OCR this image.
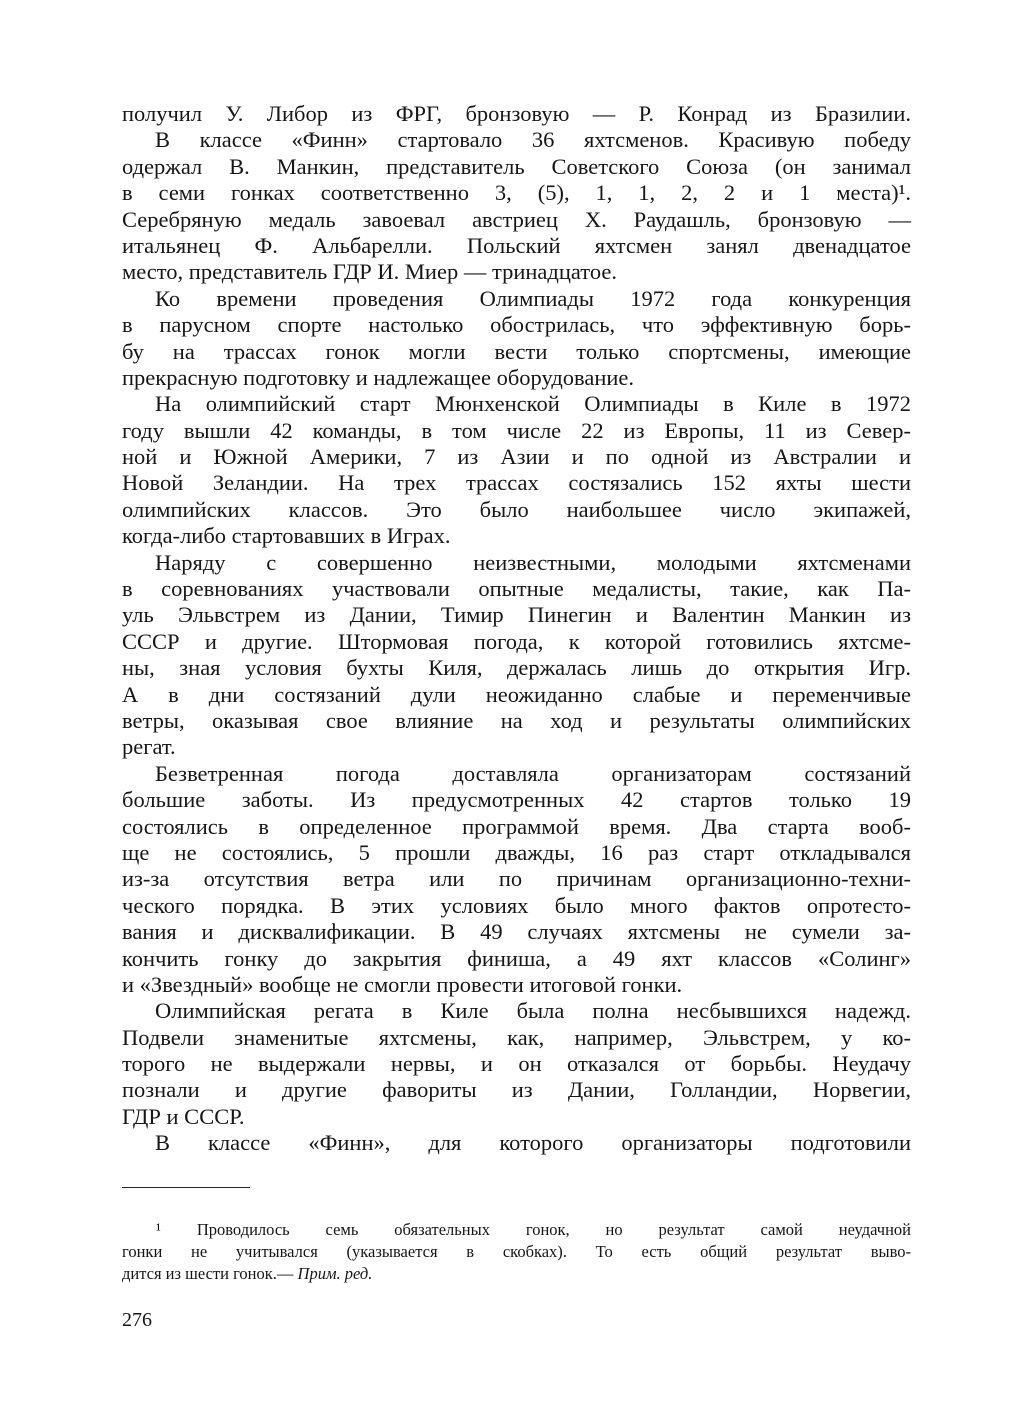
получил У. Либор из ФРГ, бронзовую — Р. Конрад из Бразилии.
В классе «Финн» стартовало 36 яхтсменов. Красивую победу
одержал В. Манкин, представитель Советского Союза (он занимал
в семи гонках соответственно 3, (5), 1, 1, 2, 2 и 1 места)¹.
Серебряную медаль завоевал австриец Х. Раудашль, бронзовую —
итальянец Ф. Альбарелли. Польский яхтсмен занял двенадцатое
место, представитель ГДР И. Миер — тринадцатое.
Ко времени проведения Олимпиады 1972 года конкуренция
в парусном спорте настолько обострилась, что эффективную борь-
бу на трассах гонок могли вести только спортсмены, имеющие
прекрасную подготовку и надлежащее оборудование.
На олимпийский старт Мюнхенской Олимпиады в Киле в 1972
году вышли 42 команды, в том числе 22 из Европы, 11 из Север-
ной и Южной Америки, 7 из Азии и по одной из Австралии и
Новой Зеландии. На трех трассах состязались 152 яхты шести
олимпийских классов. Это было наибольшее число экипажей,
когда-либо стартовавших в Играх.
Наряду с совершенно неизвестными, молодыми яхтсменами
в соревнованиях участвовали опытные медалисты, такие, как Па-
уль Эльвстрем из Дании, Тимир Пинегин и Валентин Манкин из
СССР и другие. Штормовая погода, к которой готовились яхтсме-
ны, зная условия бухты Киля, держалась лишь до открытия Игр.
А в дни состязаний дули неожиданно слабые и переменчивые
ветры, оказывая свое влияние на ход и результаты олимпийских
регат.
Безветренная погода доставляла организаторам состязаний
большие заботы. Из предусмотренных 42 стартов только 19
состоялись в определенное программой время. Два старта вооб-
ще не состоялись, 5 прошли дважды, 16 раз старт откладывался
из-за отсутствия ветра или по причинам организационно-техни-
ческого порядка. В этих условиях было много фактов опротесто-
вания и дисквалификации. В 49 случаях яхтсмены не сумели за-
кончить гонку до закрытия финиша, а 49 яхт классов «Солинг»
и «Звездный» вообще не смогли провести итоговой гонки.
Олимпийская регата в Киле была полна несбывшихся надежд.
Подвели знаменитые яхтсмены, как, например, Эльвстрем, у ко-
торого не выдержали нервы, и он отказался от борьбы. Неудачу
познали и другие фавориты из Дании, Голландии, Норвегии,
ГДР и СССР.
В классе «Финн», для которого организаторы подготовили
¹ Проводилось семь обязательных гонок, но результат самой неудачной
гонки не учитывался (указывается в скобках). То есть общий результат выво-
дится из шести гонок.— Прим. ред.
276
